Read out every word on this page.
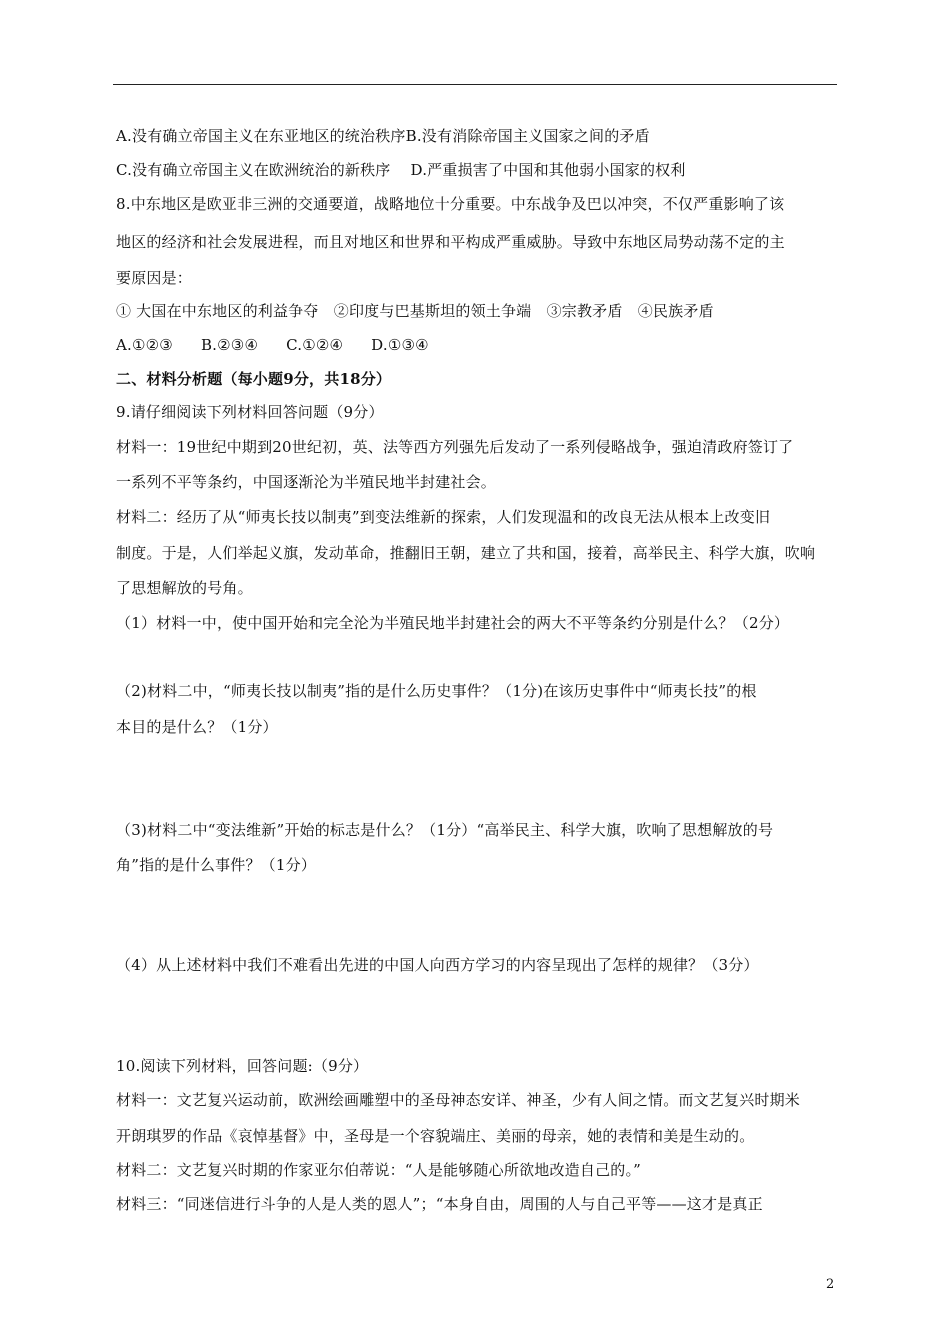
A.没有确立帝国主义在东亚地区的统治秩序B.没有消除帝国主义国家之间的矛盾
C.没有确立帝国主义在欧洲统治的新秩序 D.严重损害了中国和其他弱小国家的权利
8.中东地区是欧亚非三洲的交通要道，战略地位十分重要。中东战争及巴以冲突，不仅严重影响了该
地区的经济和社会发展进程，而且对地区和世界和平构成严重威胁。导致中东地区局势动荡不定的主
要原因是：
① 大国在中东地区的利益争夺　②印度与巴基斯坦的领土争端　③宗教矛盾　④民族矛盾
A.①②③ B.②③④ C.①②④ D.①③④
二、材料分析题（每小题9分，共18分）
9.请仔细阅读下列材料回答问题（9分）
材料一：19世纪中期到20世纪初，英、法等西方列强先后发动了一系列侵略战争，强迫清政府签订了
一系列不平等条约，中国逐渐沦为半殖民地半封建社会。
材料二：经历了从“师夷长技以制夷”到变法维新的探索，人们发现温和的改良无法从根本上改变旧
制度。于是，人们举起义旗，发动革命，推翻旧王朝，建立了共和国，接着，高举民主、科学大旗，吹响
了思想解放的号角。
（1）材料一中，使中国开始和完全沦为半殖民地半封建社会的两大不平等条约分别是什么？（2分）
（2)材料二中，“师夷长技以制夷”指的是什么历史事件？（1分)在该历史事件中“师夷长技”的根
本目的是什么？（1分）
（3)材料二中“变法维新”开始的标志是什么？（1分）“高举民主、科学大旗，吹响了思想解放的号
角”指的是什么事件？（1分）
（4）从上述材料中我们不难看出先进的中国人向西方学习的内容呈现出了怎样的规律？（3分）
10.阅读下列材料，回答问题:（9分）
材料一：文艺复兴运动前，欧洲绘画雕塑中的圣母神态安详、神圣，少有人间之情。而文艺复兴时期米
开朗琪罗的作品《哀悼基督》中，圣母是一个容貌端庄、美丽的母亲，她的表情和美是生动的。
材料二：文艺复兴时期的作家亚尔伯蒂说：“人是能够随心所欲地改造自己的。”
材料三：“同迷信进行斗争的人是人类的恩人”；“本身自由，周围的人与自己平等——这才是真正
2
